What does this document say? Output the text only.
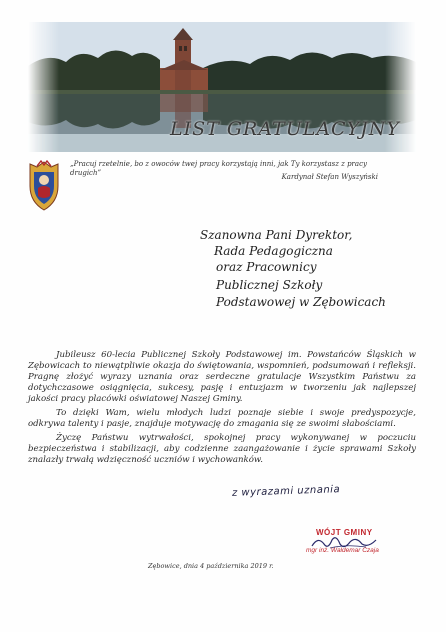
LIST GRATULACYJNY
„Pracuj rzetelnie, bo z owoców twej pracy korzystają inni, jak Ty korzystasz z pracy drugich”	Kardynał Stefan Wyszyński
Szanowna Pani Dyrektor,
Rada Pedagogiczna
oraz Pracownicy
Publicznej Szkoły
Podstawowej w Zębowicach

Jubileusz 60-lecia Publicznej Szkoły Podstawowej im. Powstańców Śląskich w Zębowicach to niewątpliwie okazja do świętowania, wspomnień, podsumowań i refleksji. Pragnę złożyć wyrazy uznania oraz serdeczne gratulacje Wszystkim Państwu za dotychczasowe osiągnięcia, sukcesy, pasję i entuzjazm w tworzeniu jak najlepszej jakości pracy placówki oświatowej Naszej Gminy.

To dzięki Wam, wielu młodych ludzi poznaje siebie i swoje predyspozycje, odkrywa talenty i pasje, znajduje motywację do zmagania się ze swoimi słabościami.

Życzę Państwu wytrwałości, spokojnej pracy wykonywanej w poczuciu bezpieczeństwa i stabilizacji, aby codzienne zaangażowanie i życie sprawami Szkoły znalazły trwałą wdzięczność uczniów i wychowanków.

z wyrazami uznania
WÓJT GMINY
mgr inż. Waldemar Czaja
Zębowice, dnia 4 października 2019 r.
